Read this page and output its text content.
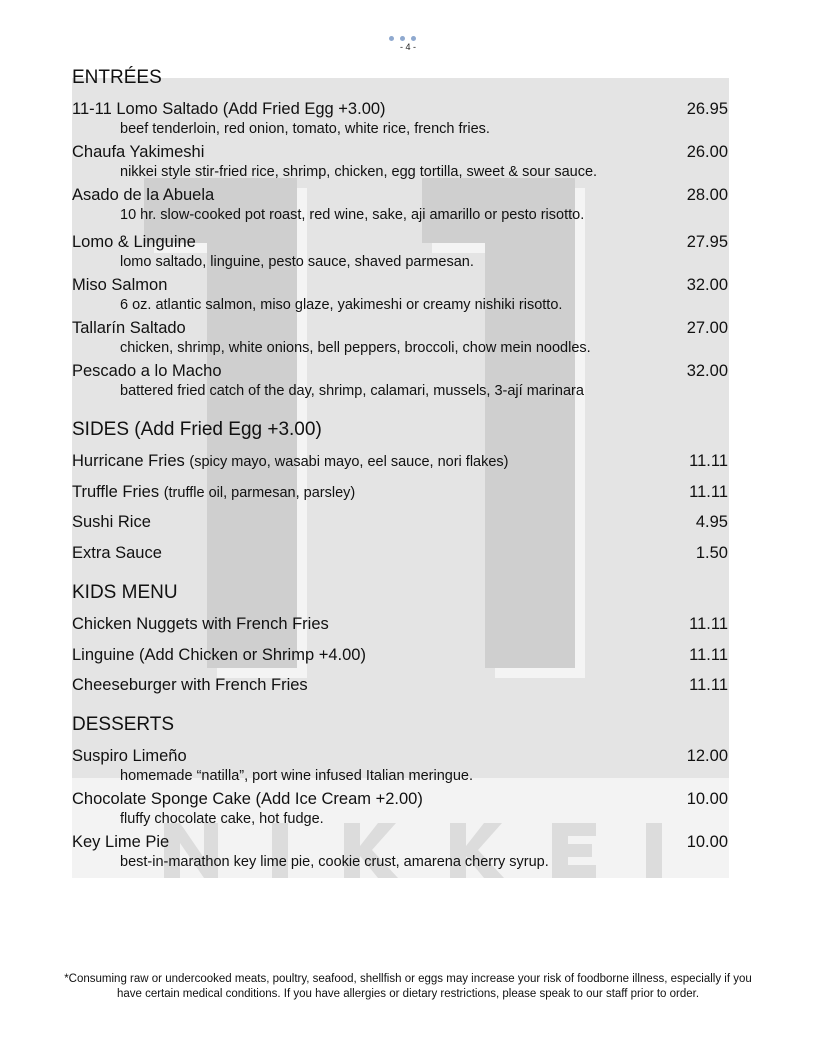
- 4 -
ENTRÉES
11-11 Lomo Saltado (Add Fried Egg +3.00)	26.95
beef tenderloin, red onion, tomato, white rice, french fries.
Chaufa Yakimeshi	26.00
nikkei style stir-fried rice, shrimp, chicken, egg tortilla, sweet & sour sauce.
Asado de la Abuela	28.00
10 hr. slow-cooked pot roast, red wine, sake, aji amarillo or pesto risotto.
Lomo & Linguine	27.95
lomo saltado, linguine, pesto sauce, shaved parmesan.
Miso Salmon	32.00
6 oz. atlantic salmon, miso glaze, yakimeshi or creamy nishiki risotto.
Tallarín Saltado	27.00
chicken, shrimp, white onions, bell peppers, broccoli, chow mein noodles.
Pescado a lo Macho	32.00
battered fried catch of the day, shrimp, calamari, mussels, 3-ají marinara
SIDES (Add Fried Egg +3.00)
Hurricane Fries (spicy mayo, wasabi mayo, eel sauce, nori flakes)	11.11
Truffle Fries (truffle oil, parmesan, parsley)	11.11
Sushi Rice	4.95
Extra Sauce	1.50
KIDS MENU
Chicken Nuggets with French Fries	11.11
Linguine (Add Chicken or Shrimp +4.00)	11.11
Cheeseburger with French Fries	11.11
DESSERTS
Suspiro Limeño	12.00
homemade “natilla”, port wine infused Italian meringue.
Chocolate Sponge Cake (Add Ice Cream +2.00)	10.00
fluffy chocolate cake, hot fudge.
Key Lime Pie	10.00
best-in-marathon key lime pie, cookie crust, amarena cherry syrup.
*Consuming raw or undercooked meats, poultry, seafood, shellfish or eggs may increase your risk of foodborne illness, especially if you have certain medical conditions. If you have allergies or dietary restrictions, please speak to our staff prior to order.
